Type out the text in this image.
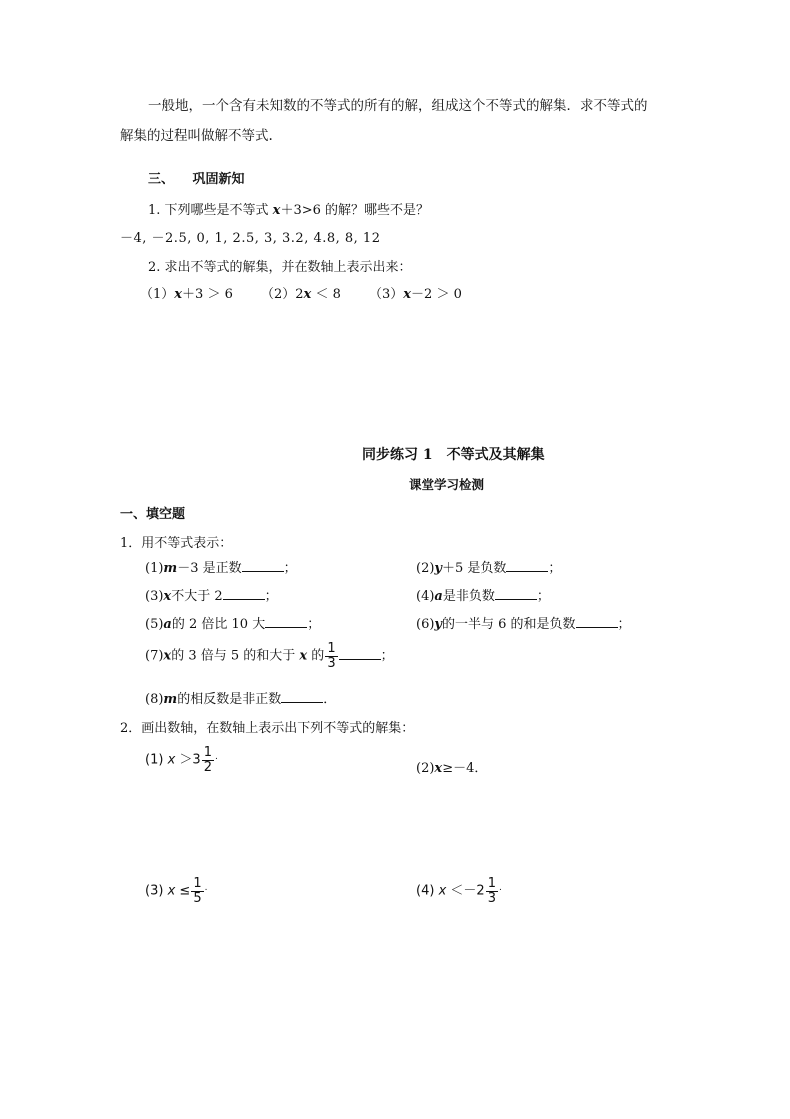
一般地，一个含有未知数的不等式的所有的解，组成这个不等式的解集．求不等式的
解集的过程叫做解不等式.
三、 巩固新知
1. 下列哪些是不等式 x＋3>6 的解？哪些不是？
－4, －2.5, 0, 1, 2.5, 3, 3.2, 4.8, 8, 12
2. 求出不等式的解集，并在数轴上表示出来：
（1）x＋3 ＞ 6 （2）2x ＜ 8 （3）x－2 ＞ 0
同步练习 1　不等式及其解集
课堂学习检测
一、填空题
1．用不等式表示：
(1)m－3 是正数	；	(2)y＋5 是负数	；
(3)x不大于 2	；	(4)a是非负数	；
(5)a的 2 倍比 10 大	；	(6)y的一半与 6 的和是负数	；
(7)x的 3 倍与 5 的和大于 x 的 $\frac{1}{3}$	；
(8)m的相反数是非正数	．
2．画出数轴，在数轴上表示出下列不等式的解集：
(1) $x >3 \frac{1}{2}$ ·
(2)x≥－4．
(3) $x \le \frac{1}{5}$ ·	(4) $x <-2 \frac{1}{3}$ ·
